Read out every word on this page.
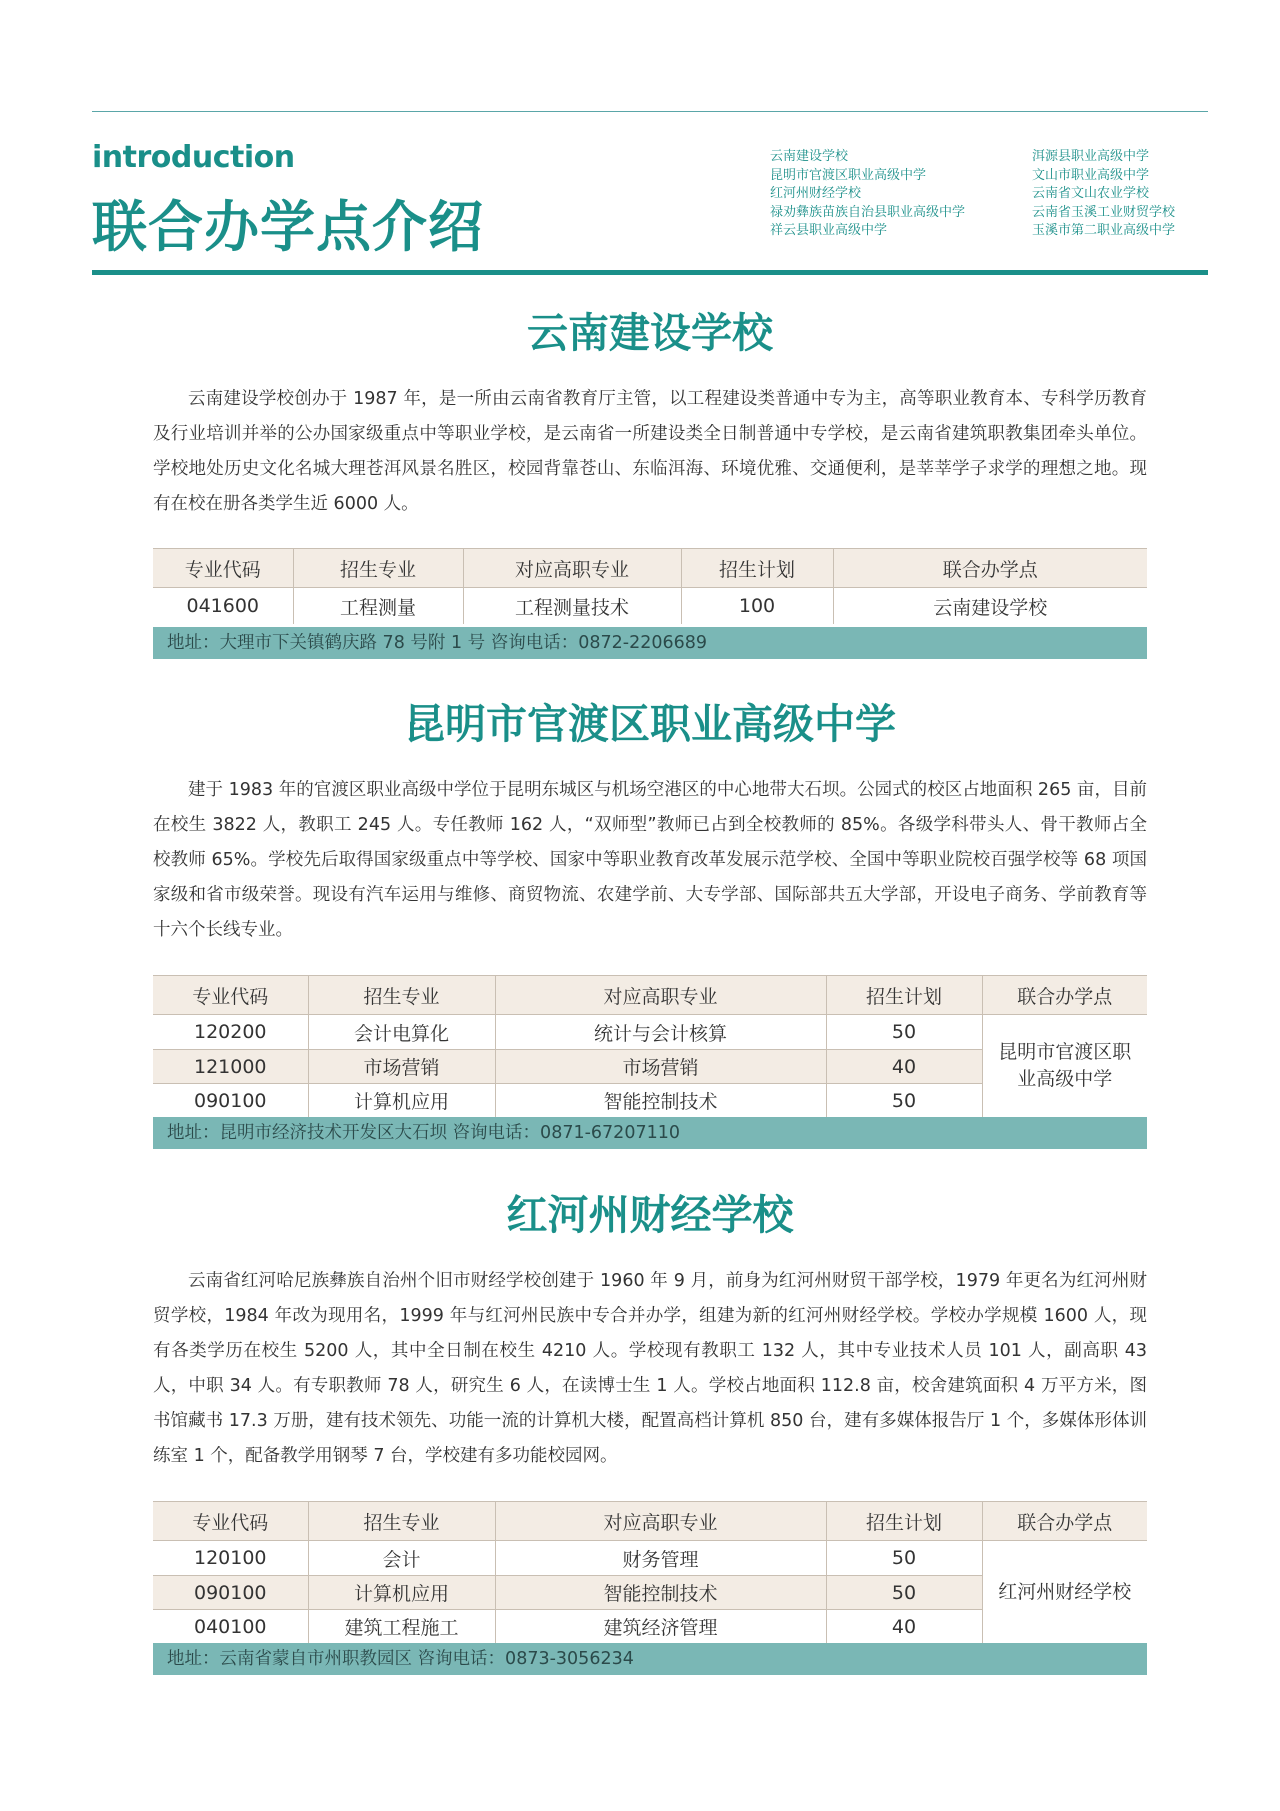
introduction
联合办学点介绍
云南建设学校
昆明市官渡区职业高级中学
红河州财经学校
禄劝彝族苗族自治县职业高级中学
祥云县职业高级中学
洱源县职业高级中学
文山市职业高级中学
云南省文山农业学校
云南省玉溪工业财贸学校
玉溪市第二职业高级中学
云南建设学校

云南建设学校创办于 1987 年，是一所由云南省教育厅主管，以工程建设类普通中专为主，高等职业教育本、专科学历教育及行业培训并举的公办国家级重点中等职业学校，是云南省一所建设类全日制普通中专学校，是云南省建筑职教集团牵头单位。学校地处历史文化名城大理苍洱风景名胜区，校园背靠苍山、东临洱海、环境优雅、交通便利，是莘莘学子求学的理想之地。现有在校在册各类学生近 6000 人。

专业代码	招生专业	对应高职专业	招生计划	联合办学点
041600	工程测量	工程测量技术	100	云南建设学校
地址：大理市下关镇鹤庆路 78 号附 1 号 咨询电话：0872-2206689
昆明市官渡区职业高级中学

建于 1983 年的官渡区职业高级中学位于昆明东城区与机场空港区的中心地带大石坝。公园式的校区占地面积 265 亩，目前在校生 3822 人，教职工 245 人。专任教师 162 人，“双师型”教师已占到全校教师的 85%。各级学科带头人、骨干教师占全校教师 65%。学校先后取得国家级重点中等学校、国家中等职业教育改革发展示范学校、全国中等职业院校百强学校等 68 项国家级和省市级荣誉。现设有汽车运用与维修、商贸物流、农建学前、大专学部、国际部共五大学部，开设电子商务、学前教育等十六个长线专业。

专业代码	招生专业	对应高职专业	招生计划	联合办学点
120200	会计电算化	统计与会计核算	50	昆明市官渡区职业高级中学

121000	市场营销	市场营销	40	
090100	计算机应用	智能控制技术	50	
地址：昆明市经济技术开发区大石坝 咨询电话：0871-67207110
红河州财经学校

云南省红河哈尼族彝族自治州个旧市财经学校创建于 1960 年 9 月，前身为红河州财贸干部学校，1979 年更名为红河州财贸学校，1984 年改为现用名，1999 年与红河州民族中专合并办学，组建为新的红河州财经学校。学校办学规模 1600 人，现有各类学历在校生 5200 人，其中全日制在校生 4210 人。学校现有教职工 132 人，其中专业技术人员 101 人，副高职 43 人，中职 34 人。有专职教师 78 人，研究生 6 人，在读博士生 1 人。学校占地面积 112.8 亩，校舍建筑面积 4 万平方米，图书馆藏书 17.3 万册，建有技术领先、功能一流的计算机大楼，配置高档计算机 850 台，建有多媒体报告厅 1 个，多媒体形体训练室 1 个，配备教学用钢琴 7 台，学校建有多功能校园网。

专业代码	招生专业	对应高职专业	招生计划	联合办学点
120100	会计	财务管理	50	红河州财经学校

090100	计算机应用	智能控制技术	50	
040100	建筑工程施工	建筑经济管理	40	
地址：云南省蒙自市州职教园区 咨询电话：0873-3056234
